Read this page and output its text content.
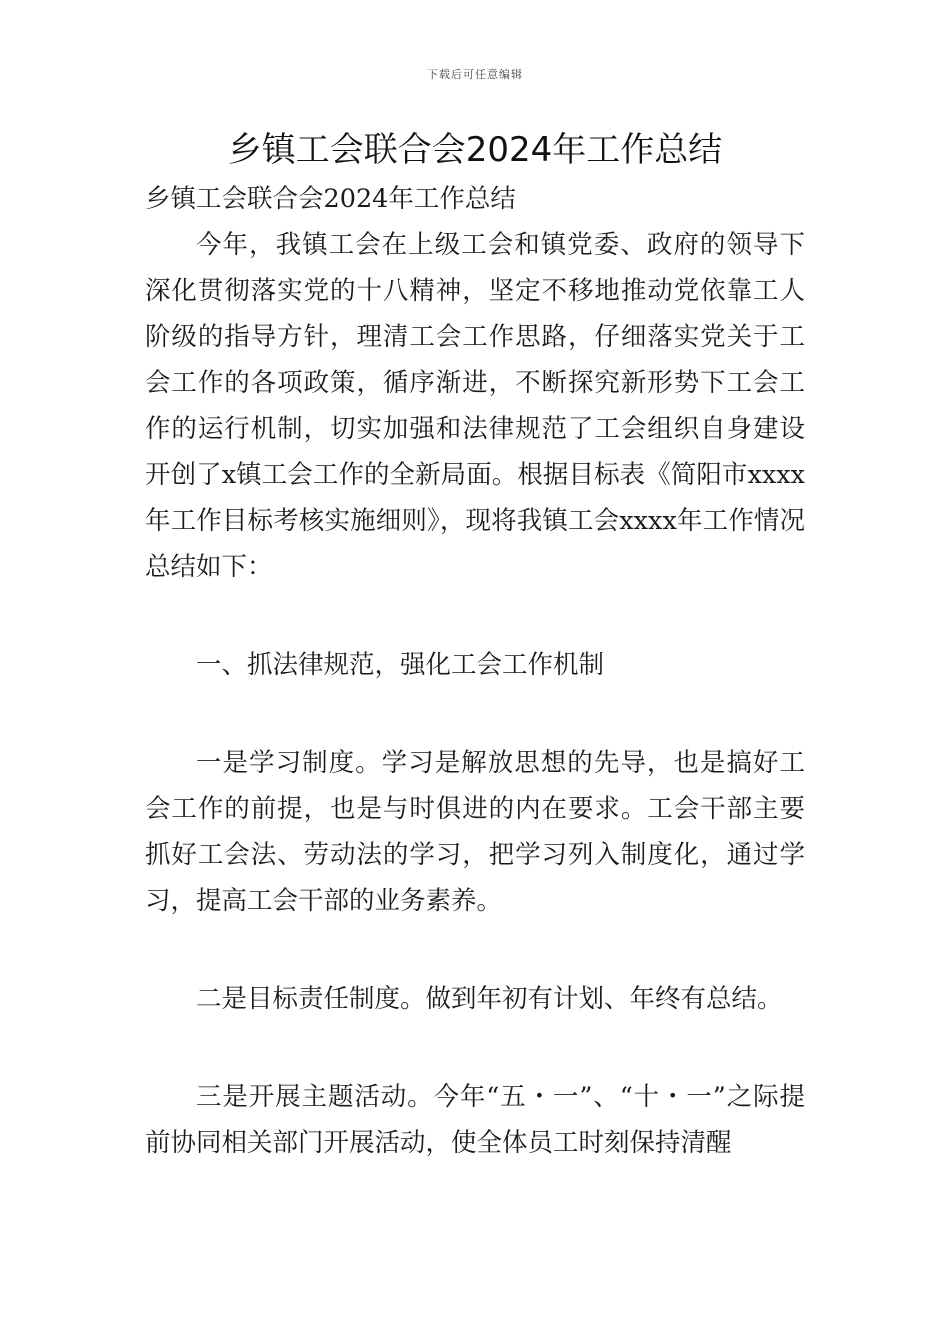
下载后可任意编辑
乡镇工会联合会2024年工作总结

乡镇工会联合会2024年工作总结

今年，我镇工会在上级工会和镇党委、政府的领导下深化贯彻落实党的十八精神，坚定不移地推动党依靠工人阶级的指导方针，理清工会工作思路，仔细落实党关于工会工作的各项政策，循序渐进，不断探究新形势下工会工作的运行机制，切实加强和法律规范了工会组织自身建设开创了x镇工会工作的全新局面。根据目标表《简阳市xxxx年工作目标考核实施细则》，现将我镇工会xxxx年工作情况总结如下：

一、抓法律规范，强化工会工作机制

一是学习制度。学习是解放思想的先导，也是搞好工会工作的前提，也是与时俱进的内在要求。工会干部主要抓好工会法、劳动法的学习，把学习列入制度化，通过学习，提高工会干部的业务素养。

二是目标责任制度。做到年初有计划、年终有总结。

三是开展主题活动。今年“五・一”、“十・一”之际提前协同相关部门开展活动，使全体员工时刻保持清醒
